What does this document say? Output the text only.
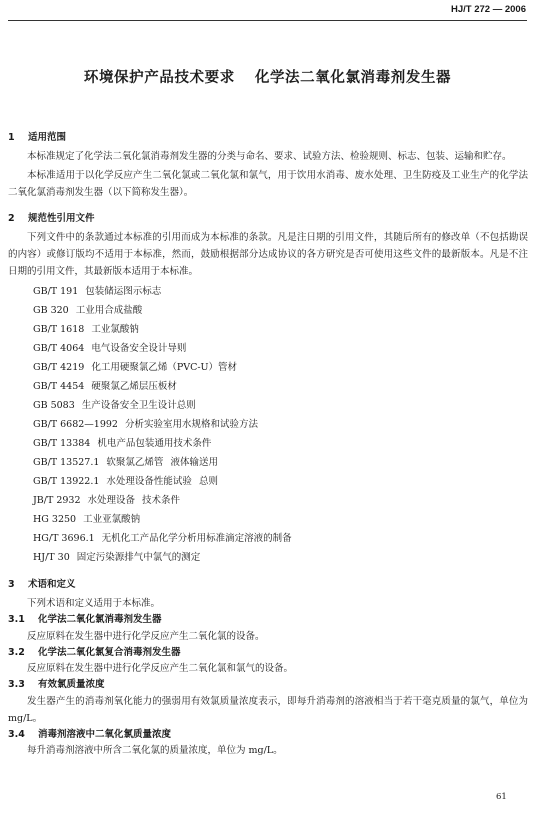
HJ/T 272 — 2006
环境保护产品技术要求 化学法二氧化氯消毒剂发生器
1 适用范围
本标准规定了化学法二氧化氯消毒剂发生器的分类与命名、要求、试验方法、检验规则、标志、包装、运输和贮存。
本标准适用于以化学反应产生二氧化氯或二氧化氯和氯气，用于饮用水消毒、废水处理、卫生防疫及工业生产的化学法二氧化氯消毒剂发生器（以下简称发生器）。
2 规范性引用文件
下列文件中的条款通过本标准的引用而成为本标准的条款。凡是注日期的引用文件，其随后所有的修改单（不包括勘误的内容）或修订版均不适用于本标准，然而，鼓励根据部分达成协议的各方研究是否可使用这些文件的最新版本。凡是不注日期的引用文件，其最新版本适用于本标准。
GB/T 191 包装储运图示标志
GB 320 工业用合成盐酸
GB/T 1618 工业氯酸钠
GB/T 4064 电气设备安全设计导则
GB/T 4219 化工用硬聚氯乙烯（PVC-U）管材
GB/T 4454 硬聚氯乙烯层压板材
GB 5083 生产设备安全卫生设计总则
GB/T 6682—1992 分析实验室用水规格和试验方法
GB/T 13384 机电产品包装通用技术条件
GB/T 13527.1 软聚氯乙烯管 液体输送用
GB/T 13922.1 水处理设备性能试验 总则
JB/T 2932 水处理设备 技术条件
HG 3250 工业亚氯酸钠
HG/T 3696.1 无机化工产品化学分析用标准滴定溶液的制备
HJ/T 30 固定污染源排气中氯气的测定
3 术语和定义
下列术语和定义适用于本标准。
3.1 化学法二氧化氯消毒剂发生器
反应原料在发生器中进行化学反应产生二氧化氯的设备。
3.2 化学法二氧化氯复合消毒剂发生器
反应原料在发生器中进行化学反应产生二氧化氯和氯气的设备。
3.3 有效氯质量浓度
发生器产生的消毒剂氧化能力的强弱用有效氯质量浓度表示，即每升消毒剂的溶液相当于若干毫克质量的氯气，单位为 mg/L。
3.4 消毒剂溶液中二氧化氯质量浓度
每升消毒剂溶液中所含二氧化氯的质量浓度，单位为 mg/L。
61
